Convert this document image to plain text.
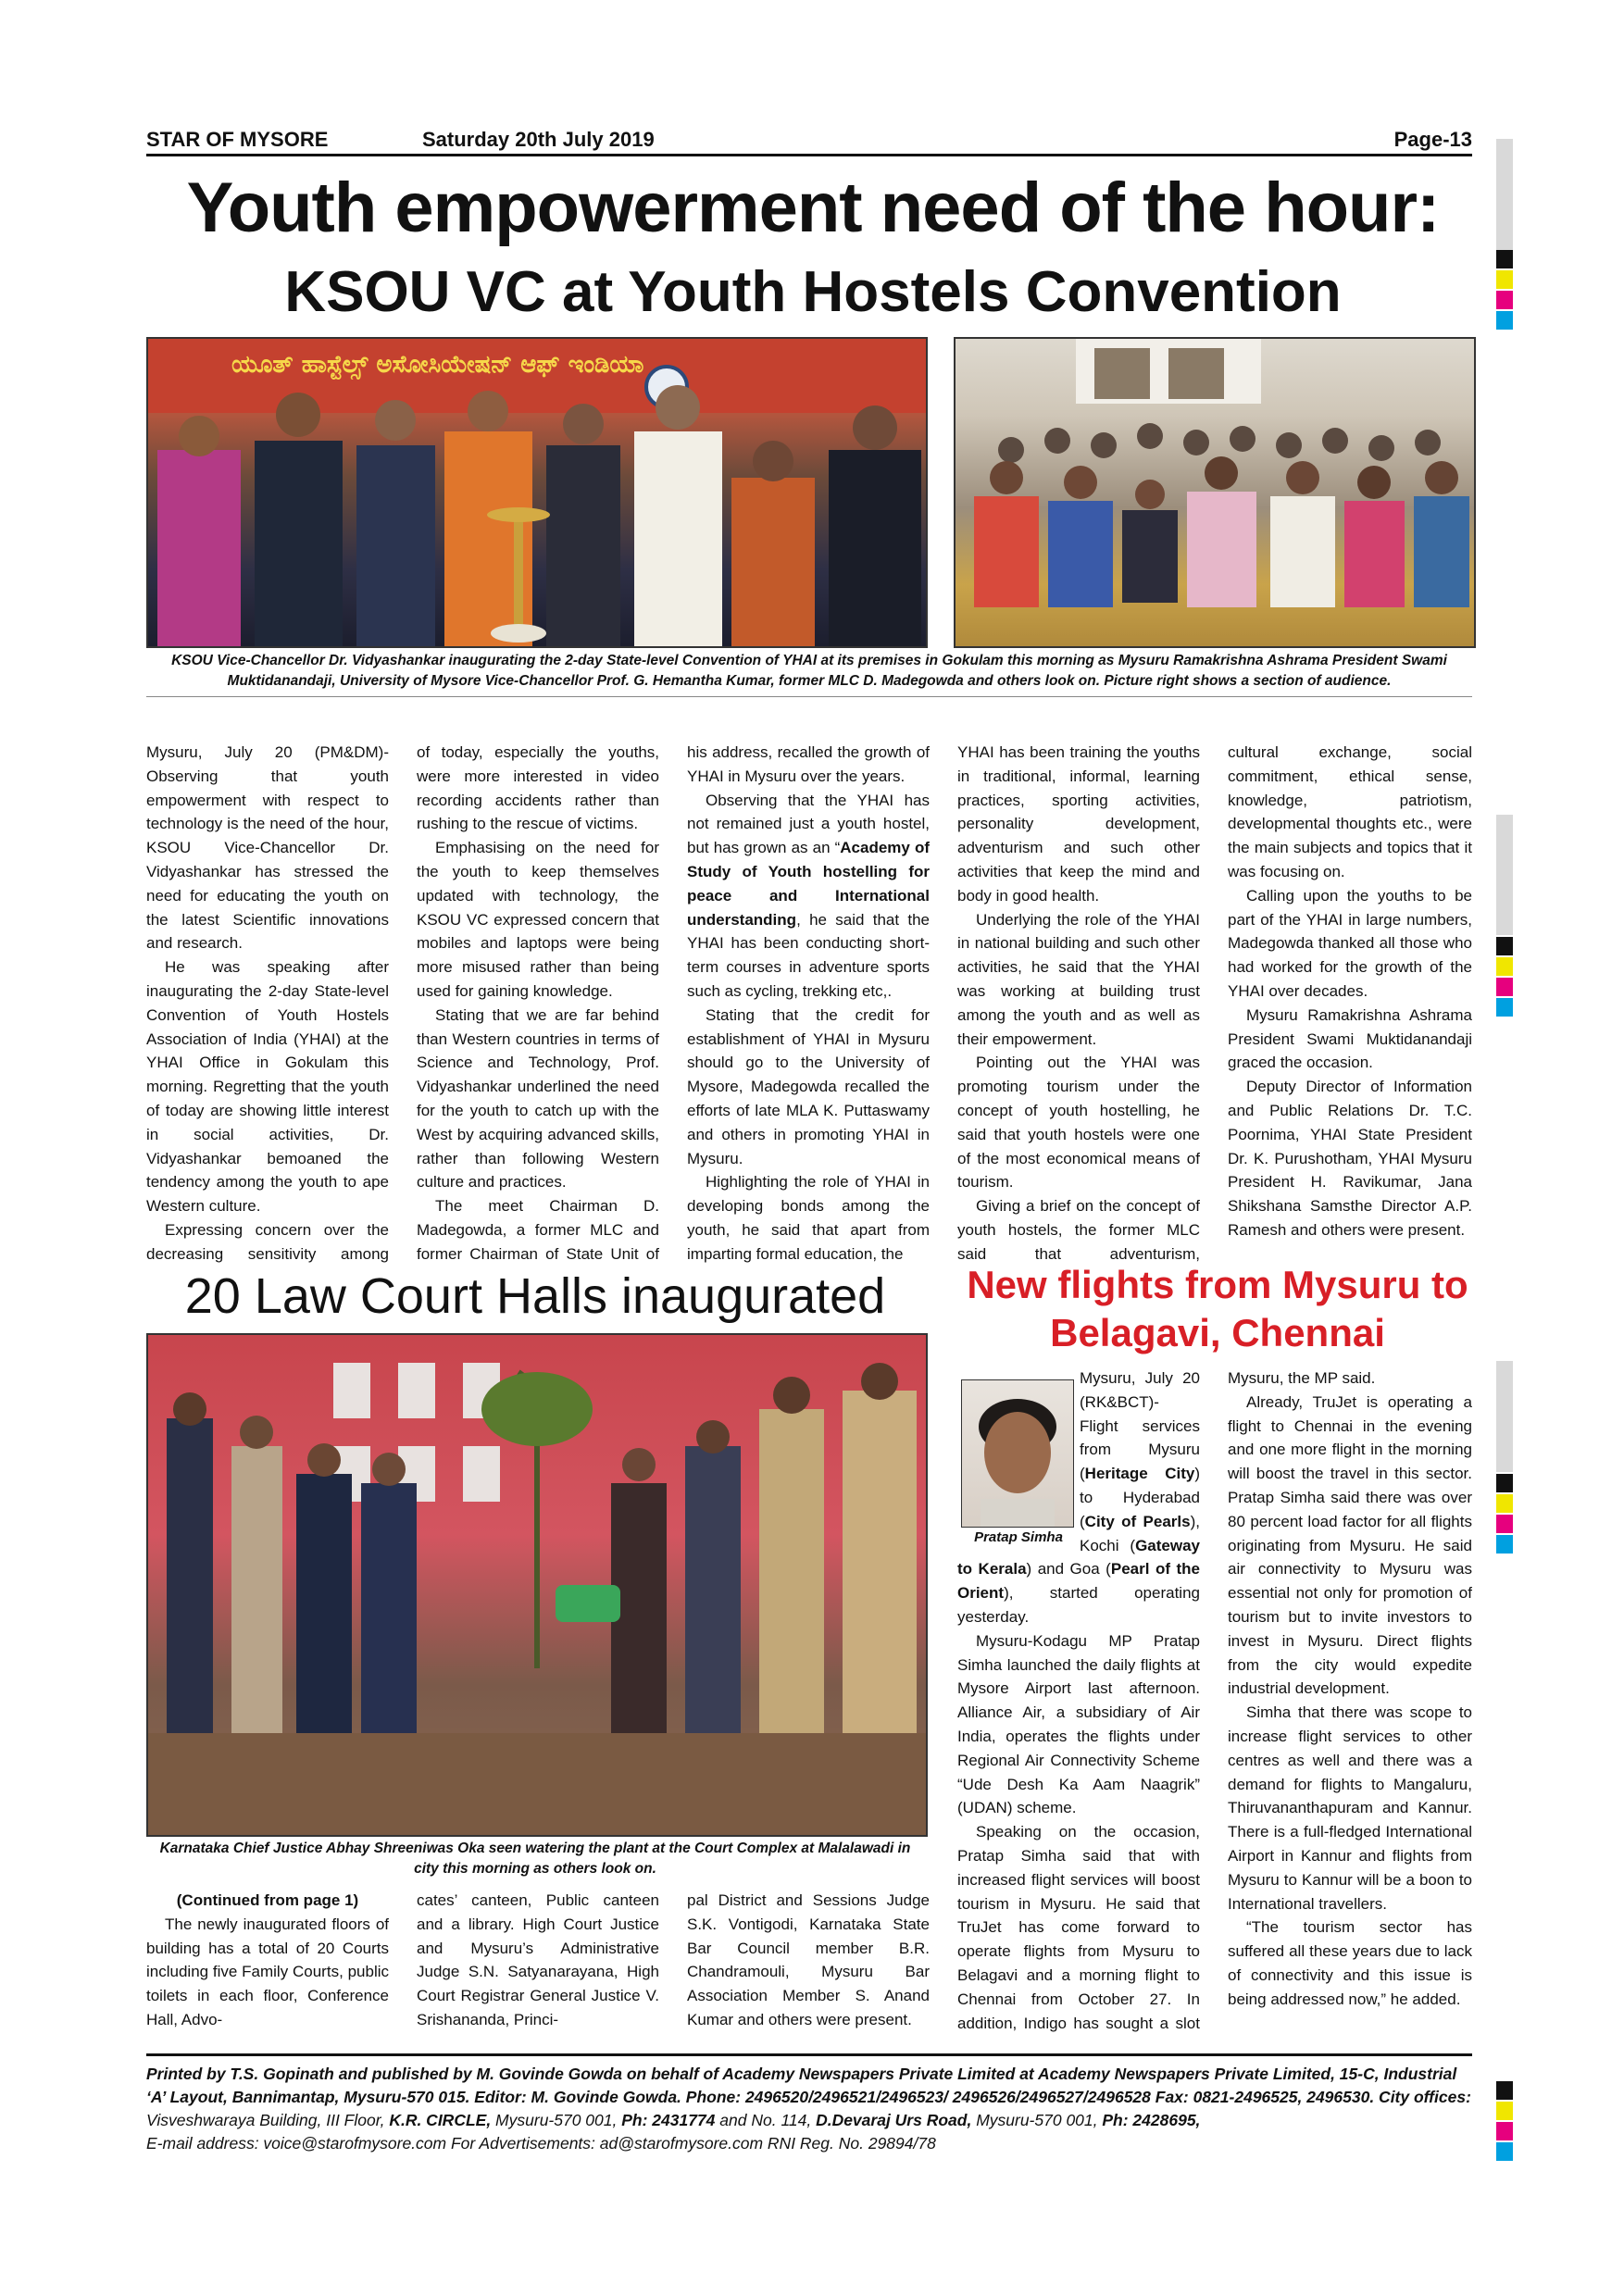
STAR OF MYSORE	Saturday 20th July 2019	Page-13
Youth empowerment need of the hour:
KSOU VC at Youth Hostels Convention
ಯೂತ್ ಹಾಸ್ಟೆಲ್ಸ್ ಅಸೋಸಿಯೇಷನ್ ಆಫ್ ಇಂಡಿಯಾ
KSOU Vice-Chancellor Dr. Vidyashankar inaugurating the 2-day State-level Convention of YHAI at its premises in Gokulam this morning as Mysuru Ramakrishna Ashrama President Swami Muktidanandaji, University of Mysore Vice-Chancellor Prof. G. Hemantha Kumar, former MLC D. Madegowda and others look on. Picture right shows a section of audience.

Mysuru, July 20 (PM&DM)- Observing that youth empowerment with respect to technology is the need of the hour, KSOU Vice-Chancellor Dr. Vidyashankar has stressed the need for educating the youth on the latest Scientific innovations and research.

He was speaking after inaugurating the 2-day State-level Convention of Youth Hostels Association of India (YHAI) at the YHAI Office in Gokulam this morning. Regretting that the youth of today are showing little interest in social activities, Dr. Vidyashankar bemoaned the tendency among the youth to ape Western culture.

Expressing concern over the decreasing sensitivity among

of today, especially the youths, were more interested in video recording accidents rather than rushing to the rescue of victims.

Emphasising on the need for the youth to keep themselves updated with technology, the KSOU VC expressed concern that mobiles and laptops were being more misused rather than being used for gaining knowledge.

Stating that we are far behind than Western countries in terms of Science and Technology, Prof. Vidyashankar underlined the need for the youth to catch up with the West by acquiring advanced skills, rather than following Western culture and practices.

The meet Chairman D. Madegowda, a former MLC and former Chairman of State Unit of

his address, recalled the growth of YHAI in Mysuru over the years.

Observing that the YHAI has not remained just a youth hostel, but has grown as an “Academy of Study of Youth hostelling for peace and International understanding, he said that the YHAI has been conducting short-term courses in adventure sports such as cycling, trekking etc,.

Stating that the credit for establishment of YHAI in Mysuru should go to the University of Mysore, Madegowda recalled the efforts of late MLA K. Puttaswamy and others in promoting YHAI in Mysuru.

Highlighting the role of YHAI in developing bonds among the youth, he said that apart from imparting formal education, the

YHAI has been training the youths in traditional, informal, learning practices, sporting activities, personality development, adventurism and such other activities that keep the mind and body in good health.

Underlying the role of the YHAI in national building and such other activities, he said that the YHAI was working at building trust among the youth and as well as their empowerment.

Pointing out the YHAI was promoting tourism under the concept of youth hostelling, he said that youth hostels were one of the most economical means of tourism.

Giving a brief on the concept of youth hostels, the former MLC said that adventurism,

cultural exchange, social commitment, ethical sense, knowledge, patriotism, developmental thoughts etc., were the main subjects and topics that it was focusing on.

Calling upon the youths to be part of the YHAI in large numbers, Madegowda thanked all those who had worked for the growth of the YHAI over decades.

Mysuru Ramakrishna Ashrama President Swami Muktidanandaji graced the occasion.

Deputy Director of Information and Public Relations Dr. T.C. Poornima, YHAI State President Dr. K. Purushotham, YHAI Mysuru President H. Ravikumar, Jana Shikshana Samsthe Director A.P. Ramesh and others were present.

20 Law Court Halls inaugurated
Karnataka Chief Justice Abhay Shreeniwas Oka seen watering the plant at the Court Complex at Malalawadi in city this morning as others look on.

(Continued from page 1)

The newly inaugurated floors of building has a total of 20 Courts including five Family Courts, public toilets in each floor, Conference Hall, Advo-

cates’ canteen, Public canteen and a library. High Court Justice and Mysuru’s Administrative Judge S.N. Satyanarayana, High Court Registrar General Justice V. Srishananda, Princi-

pal District and Sessions Judge S.K. Vontigodi, Karnataka State Bar Council member B.R. Chandramouli, Mysuru Bar Association Member S. Anand Kumar and others were present.

New flights from Mysuru to Belagavi, Chennai
Pratap Simha

Mysuru, July 20 (RK&BCT)- Flight services from Mysuru (Heritage City) to Hyderabad (City of Pearls), Kochi (Gateway to Kerala) and Goa (Pearl of the Orient), started operating yesterday.

Mysuru-Kodagu MP Pratap Simha launched the daily flights at Mysore Airport last afternoon. Alliance Air, a subsidiary of Air India, operates the flights under Regional Air Connectivity Scheme “Ude Desh Ka Aam Naagrik” (UDAN) scheme.

Speaking on the occasion, Pratap Simha said that with increased flight services will boost tourism in Mysuru. He said that TruJet has come forward to operate flights from Mysuru to Belagavi and a morning flight to Chennai from October 27. In addition, Indigo has sought a slot

Mysuru, the MP said.

Already, TruJet is operating a flight to Chennai in the evening and one more flight in the morning will boost the travel in this sector. Pratap Simha said there was over 80 percent load factor for all flights originating from Mysuru. He said air connectivity to Mysuru was essential not only for promotion of tourism but to invite investors to invest in Mysuru. Direct flights from the city would expedite industrial development.

Simha that there was scope to increase flight services to other centres as well and there was a demand for flights to Mangaluru, Thiruvananthapuram and Kannur. There is a full-fledged International Airport in Kannur and flights from Mysuru to Kannur will be a boon to International travellers.

“The tourism sector has suffered all these years due to lack of connectivity and this issue is being addressed now,” he added.

Printed by T.S. Gopinath and published by M. Govinde Gowda on behalf of Academy Newspapers Private Limited at Academy Newspapers Private Limited, 15-C, Industrial ‘A’ Layout, Bannimantap, Mysuru-570 015. Editor: M. Govinde Gowda. Phone: 2496520/2496521/2496523/ 2496526/2496527/2496528 Fax: 0821-2496525, 2496530. City offices: Visveshwaraya Building, III Floor, K.R. CIRCLE, Mysuru-570 001, Ph: 2431774 and No. 114, D.Devaraj Urs Road, Mysuru-570 001, Ph: 2428695,
E-mail address: voice@starofmysore.com For Advertisements: ad@starofmysore.com RNI Reg. No. 29894/78
